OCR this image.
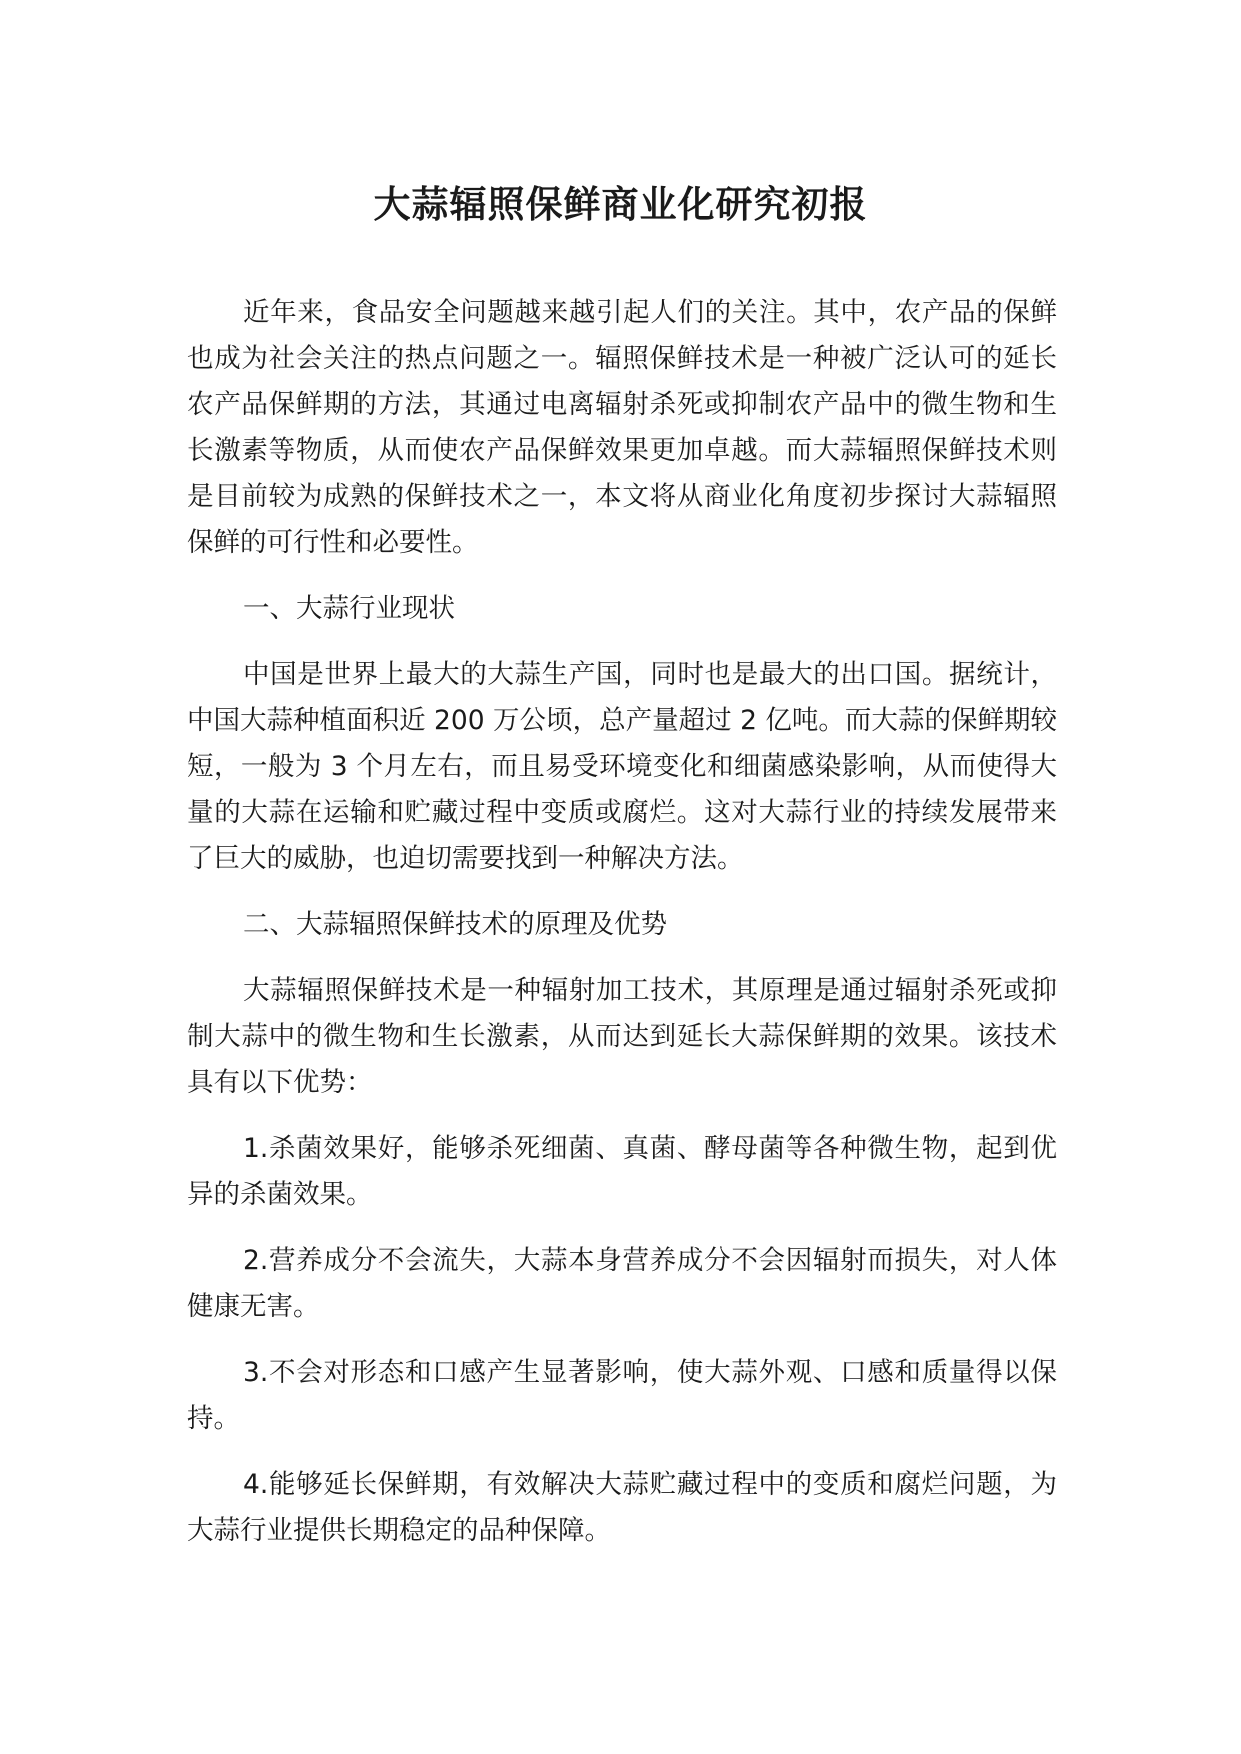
大蒜辐照保鲜商业化研究初报

近年来，食品安全问题越来越引起人们的关注。其中，农产品的保鲜也成为社会关注的热点问题之一。辐照保鲜技术是一种被广泛认可的延长农产品保鲜期的方法，其通过电离辐射杀死或抑制农产品中的微生物和生长激素等物质，从而使农产品保鲜效果更加卓越。而大蒜辐照保鲜技术则是目前较为成熟的保鲜技术之一，本文将从商业化角度初步探讨大蒜辐照保鲜的可行性和必要性。

一、大蒜行业现状

中国是世界上最大的大蒜生产国，同时也是最大的出口国。据统计，中国大蒜种植面积近 200 万公顷，总产量超过 2 亿吨。而大蒜的保鲜期较短，一般为 3 个月左右，而且易受环境变化和细菌感染影响，从而使得大量的大蒜在运输和贮藏过程中变质或腐烂。这对大蒜行业的持续发展带来了巨大的威胁，也迫切需要找到一种解决方法。

二、大蒜辐照保鲜技术的原理及优势

大蒜辐照保鲜技术是一种辐射加工技术，其原理是通过辐射杀死或抑制大蒜中的微生物和生长激素，从而达到延长大蒜保鲜期的效果。该技术具有以下优势：

1.杀菌效果好，能够杀死细菌、真菌、酵母菌等各种微生物，起到优异的杀菌效果。

2.营养成分不会流失，大蒜本身营养成分不会因辐射而损失，对人体健康无害。

3.不会对形态和口感产生显著影响，使大蒜外观、口感和质量得以保持。

4.能够延长保鲜期，有效解决大蒜贮藏过程中的变质和腐烂问题，为大蒜行业提供长期稳定的品种保障。
